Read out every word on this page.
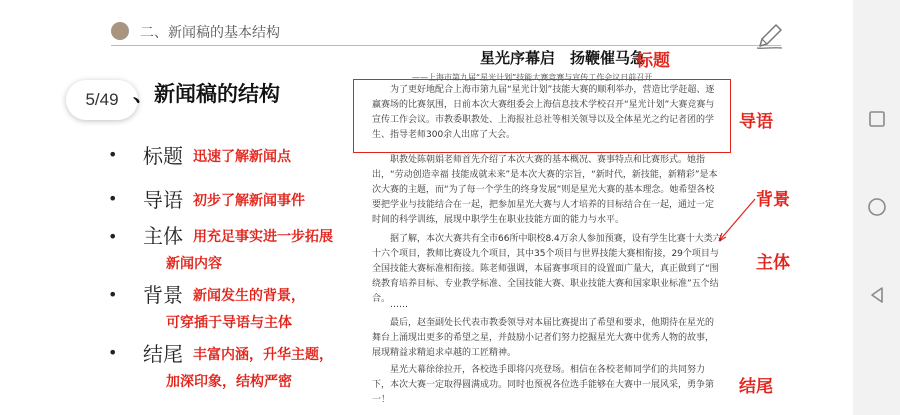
二、新闻稿的基本结构
5/49 、新闻稿的结构
• 标题 迅速了解新闻点
• 导语 初步了解新闻事件
• 主体 用充足事实进一步拓展
新闻内容
• 背景 新闻发生的背景，
可穿插于导语与主体
• 结尾 丰富内涵，升华主题，
加深印象，结构严密
星光序幕启　扬鞭催马急
标题
——上海市第九届“星光计划”技能大赛竞赛与宣传工作会议日前召开
为了更好地配合上海市第九届“星光计划”技能大赛的顺利举办，营造比学赶超、逐赢赛场的比赛氛围，日前本次大赛组委会上海信息技术学校召开“星光计划”大赛竞赛与宣传工作会议。市教委职教处、上海报社总社等相关领导以及全体星光之约记者团的学生、指导老师300余人出席了大会。
导语
职教处陈朝娟老师首先介绍了本次大赛的基本概况、赛事特点和比赛形式。她指出，“劳动创造幸福 技能成就未来”是本次大赛的宗旨，“新时代，新技能，新精彩”是本次大赛的主题，而“为了每一个学生的终身发展”则是星光大赛的基本理念。她希望各校要把学业与技能结合在一起，把参加星光大赛与人才培养的目标结合在一起，通过一定时间的科学训练，展现中职学生在职业技能方面的能力与水平。
背景
据了解，本次大赛共有全市66所中职校8.4万余人参加预赛，设有学生比赛十大类六十六个项目，教师比赛设九个项目，其中35个项目与世界技能大赛相衔接，29个项目与全国技能大赛标准相衔接。陈老师强调，本届赛事项目的设置面广量大，真正做到了“围绕教育培养目标、专业教学标准、全国技能大赛、职业技能大赛和国家职业标准”五个结合。
主体
……
最后，赵奎副处长代表市教委领导对本届比赛提出了希望和要求，他期待在星光的舞台上涌现出更多的希望之星，并鼓励小记者们努力挖掘星光大赛中优秀人物的故事，展现精益求精追求卓越的工匠精神。
星光大幕徐徐拉开，各校选手即将闪亮登场。相信在各校老师同学们的共同努力下，本次大赛一定取得圆满成功。同时也预祝各位选手能够在大赛中一展风采，勇争第一！
结尾
